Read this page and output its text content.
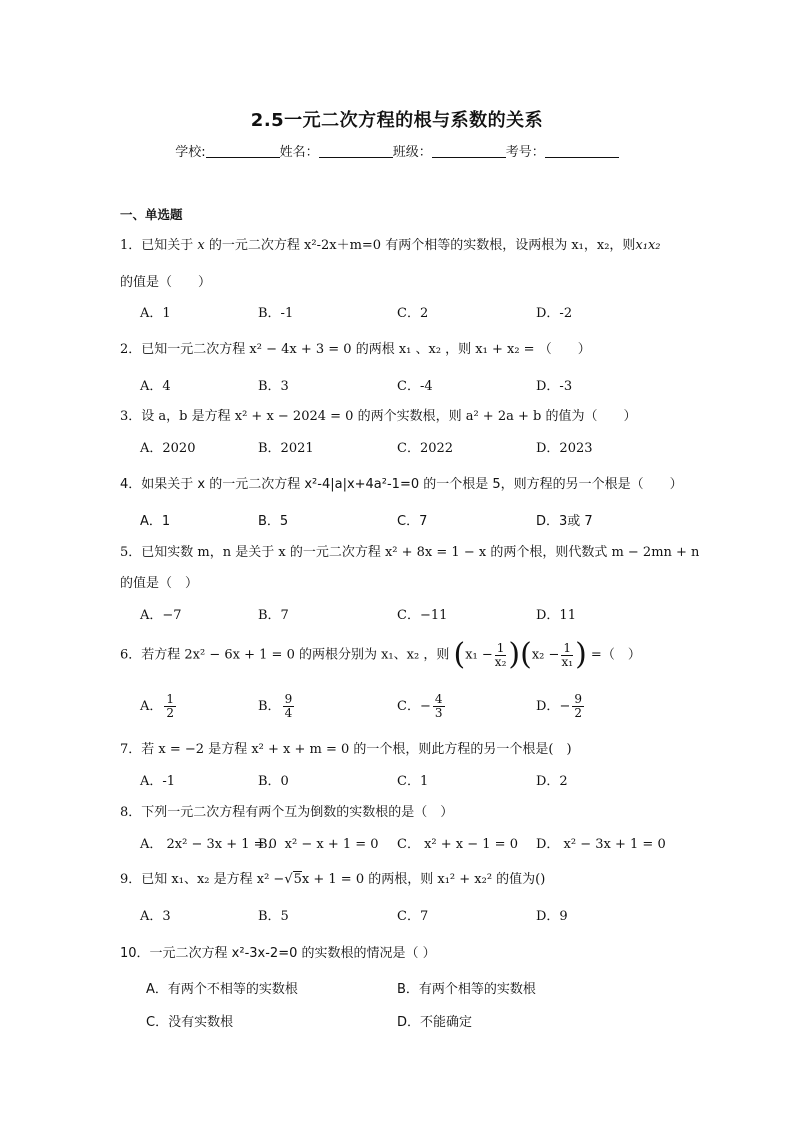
2.5一元二次方程的根与系数的关系
学校:	姓名：	班级：	考号：
一、单选题
1．已知关于 x 的一元二次方程 x²-2x＋m=0 有两个相等的实数根，设两根为 x₁，x₂，则x₁x₂
的值是（　　）
A．1	B．-1	C．2	D．-2
2．已知一元二次方程 x² − 4x + 3 = 0 的两根 x₁ 、x₂ ，则 x₁ + x₂ = （　　）
A．4	B．3	C．-4	D．-3
3．设 a，b 是方程 x² + x − 2024 = 0 的两个实数根，则 a² + 2a + b 的值为（　　）
A．2020	B．2021	C．2022	D．2023
4．如果关于 x 的一元二次方程 x²-4|a|x+4a²-1=0 的一个根是 5，则方程的另一个根是（　　）
A．1	B．5	C．7	D．3或 7
5．已知实数 m，n 是关于 x 的一元二次方程 x² + 8x = 1 − x 的两个根，则代数式 m − 2mn + n
的值是（　）
A．−7	B．7	C．−11	D．11
6．若方程 2x² − 6x + 1 = 0 的两根分别为 x₁、x₂ ，则 $(x_1 - \frac{1}{\text{x₂}} )(x_2 - \frac{1}{\text{x₁}}$ ) =（　）
A． $\frac{1}{2}$	B． $\frac{9}{4}$	C．− $\frac{4}{3}$	D．− $\frac{9}{2}$
7．若 x = −2 是方程 x² + x + m = 0 的一个根，则此方程的另一个根是(　)
A．-1	B．0	C．1	D．2
8．下列一元二次方程有两个互为倒数的实数根的是（　）
A． 2x² − 3x + 1 = 0
B． x² − x + 1 = 0 C． x² + x − 1 = 0 D． x² − 3x + 1 = 0
9．已知 x₁、x₂ 是方程 x² −√5x + 1 = 0 的两根，则 x₁² + x₂² 的值为()
A．3	B．5	C．7	D．9
10．一元二次方程 x²-3x-2=0 的实数根的情况是（ ）
A．有两个不相等的实数根	B．有两个相等的实数根
C．没有实数根	D．不能确定
